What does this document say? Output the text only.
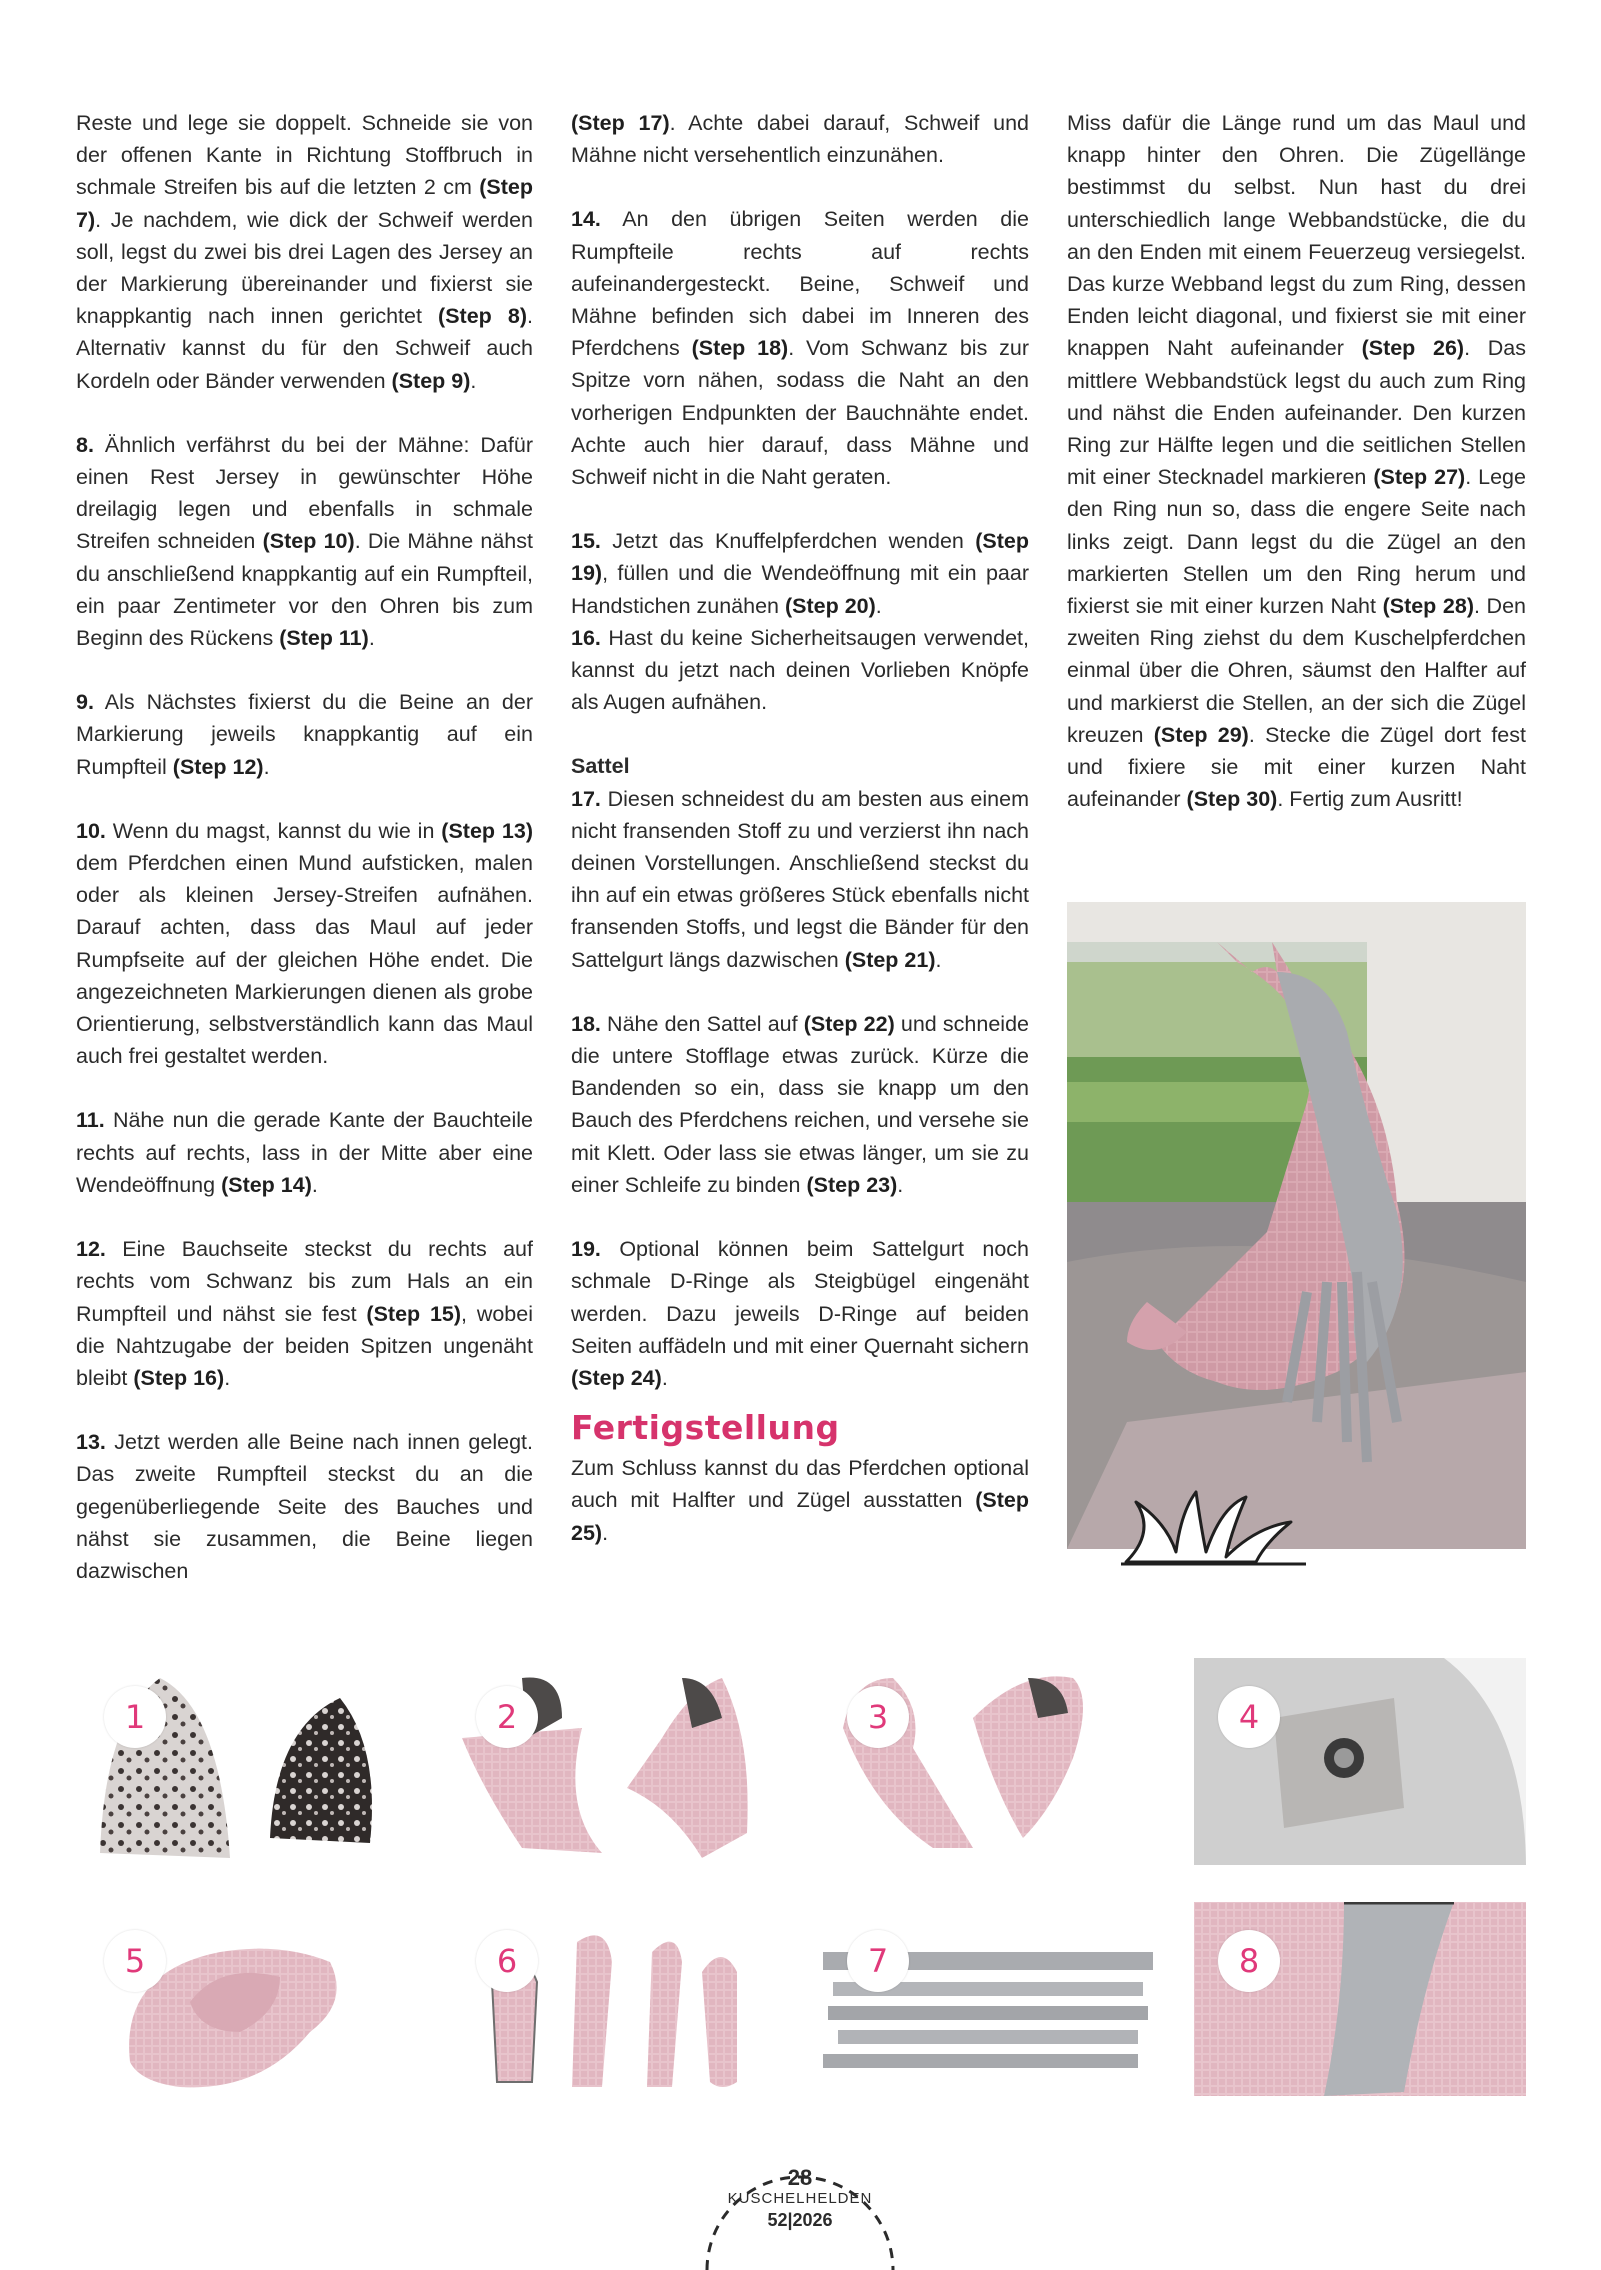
Reste und lege sie doppelt. Schneide sie von der offenen Kante in Richtung Stoffbruch in schmale Streifen bis auf die letzten 2 cm (Step 7). Je nachdem, wie dick der Schweif werden soll, legst du zwei bis drei Lagen des Jersey an der Markierung übereinander und fixierst sie knappkantig nach innen gerichtet (Step 8). Alternativ kannst du für den Schweif auch Kordeln oder Bänder verwenden (Step 9).

8. Ähnlich verfährst du bei der Mähne: Dafür einen Rest Jersey in gewünschter Höhe dreilagig legen und ebenfalls in schmale Streifen schneiden (Step 10). Die Mähne nähst du anschließend knappkantig auf ein Rumpfteil, ein paar Zentimeter vor den Ohren bis zum Beginn des Rückens (Step 11).

9. Als Nächstes fixierst du die Beine an der Markierung jeweils knappkantig auf ein Rumpfteil (Step 12).

10. Wenn du magst, kannst du wie in (Step 13) dem Pferdchen einen Mund aufsticken, malen oder als kleinen Jersey-Streifen aufnähen. Darauf achten, dass das Maul auf jeder Rumpfseite auf der gleichen Höhe endet. Die angezeichneten Markierungen dienen als grobe Orientierung, selbstverständlich kann das Maul auch frei gestaltet werden.

11. Nähe nun die gerade Kante der Bauchteile rechts auf rechts, lass in der Mitte aber eine Wendeöffnung (Step 14).

12. Eine Bauchseite steckst du rechts auf rechts vom Schwanz bis zum Hals an ein Rumpfteil und nähst sie fest (Step 15), wobei die Nahtzugabe der beiden Spitzen ungenäht bleibt (Step 16).

13. Jetzt werden alle Beine nach innen gelegt. Das zweite Rumpfteil steckst du an die gegenüberliegende Seite des Bauches und nähst sie zusammen, die Beine liegen dazwischen

(Step 17). Achte dabei darauf, Schweif und Mähne nicht versehentlich einzunähen.

14. An den übrigen Seiten werden die Rumpfteile rechts auf rechts aufeinandergesteckt. Beine, Schweif und Mähne befinden sich dabei im Inneren des Pferdchens (Step 18). Vom Schwanz bis zur Spitze vorn nähen, sodass die Naht an den vorherigen Endpunkten der Bauchnähte endet. Achte auch hier darauf, dass Mähne und Schweif nicht in die Naht geraten.

15. Jetzt das Knuffelpferdchen wenden (Step 19), füllen und die Wendeöffnung mit ein paar Handstichen zunähen (Step 20).

16. Hast du keine Sicherheitsaugen verwendet, kannst du jetzt nach deinen Vorlieben Knöpfe als Augen aufnähen.

Sattel

17. Diesen schneidest du am besten aus einem nicht fransenden Stoff zu und verzierst ihn nach deinen Vorstellungen. Anschließend steckst du ihn auf ein etwas größeres Stück ebenfalls nicht fransenden Stoffs, und legst die Bänder für den Sattelgurt längs dazwischen (Step 21).

18. Nähe den Sattel auf (Step 22) und schneide die untere Stofflage etwas zurück. Kürze die Bandenden so ein, dass sie knapp um den Bauch des Pferdchens reichen, und versehe sie mit Klett. Oder lass sie etwas länger, um sie zu einer Schleife zu binden (Step 23).

19. Optional können beim Sattelgurt noch schmale D-Ringe als Steigbügel eingenäht werden. Dazu jeweils D-Ringe auf beiden Seiten auffädeln und mit einer Quernaht sichern (Step 24).

Fertigstellung

Zum Schluss kannst du das Pferdchen optional auch mit Halfter und Zügel ausstatten (Step 25).

Miss dafür die Länge rund um das Maul und knapp hinter den Ohren. Die Zügellänge bestimmst du selbst. Nun hast du drei unterschiedlich lange Webbandstücke, die du an den Enden mit einem Feuerzeug versiegelst. Das kurze Webband legst du zum Ring, dessen Enden leicht diagonal, und fixierst sie mit einer knappen Naht aufeinander (Step 26). Das mittlere Webbandstück legst du auch zum Ring und nähst die Enden aufeinander. Den kurzen Ring zur Hälfte legen und die seitlichen Stellen mit einer Stecknadel markieren (Step 27). Lege den Ring nun so, dass die engere Seite nach links zeigt. Dann legst du die Zügel an den markierten Stellen um den Ring herum und fixierst sie mit einer kurzen Naht (Step 28). Den zweiten Ring ziehst du dem Kuschelpferdchen einmal über die Ohren, säumst den Halfter auf und markierst die Stellen, an der sich die Zügel kreuzen (Step 29). Stecke die Zügel dort fest und fixiere sie mit einer kurzen Naht aufeinander (Step 30). Fertig zum Ausritt!

1	2	3	4
5	6	7	8
28
KUSCHELHELDEN
52|2026
